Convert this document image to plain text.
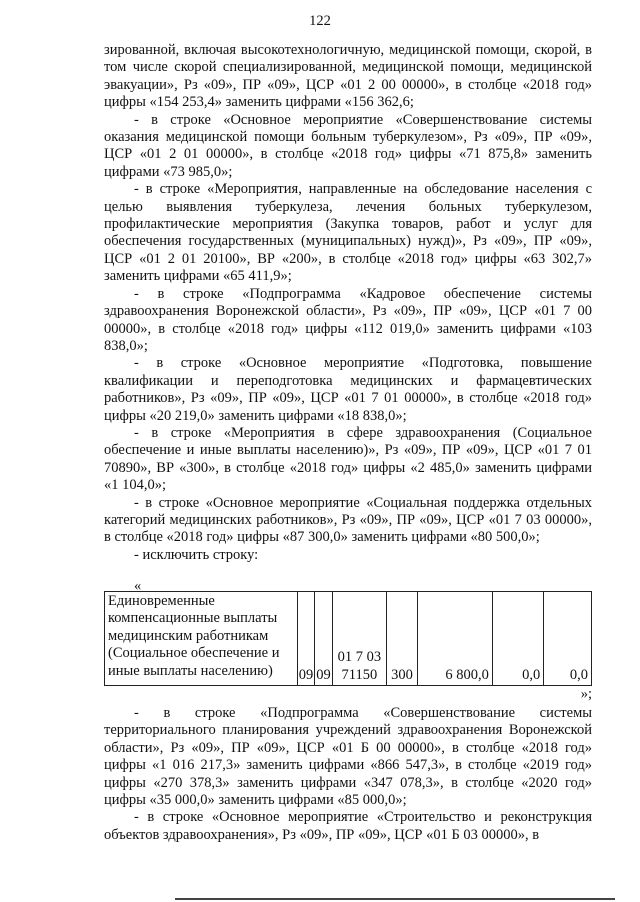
122

зированной, включая высокотехнологичную, медицинской помощи, скорой, в том числе скорой специализированной, медицинской помощи, медицинской эвакуации», Рз «09», ПР «09», ЦСР «01 2 00 00000», в столбце «2018 год» цифры «154 253,4» заменить цифрами «156 362,6;

- в строке «Основное мероприятие «Совершенствование системы оказания медицинской помощи больным туберкулезом», Рз «09», ПР «09», ЦСР «01 2 01 00000», в столбце «2018 год» цифры «71 875,8» заменить цифрами «73 985,0»;

- в строке «Мероприятия, направленные на обследование населения с целью выявления туберкулеза, лечения больных туберкулезом, профилактические мероприятия (Закупка товаров, работ и услуг для обеспечения государственных (муниципальных) нужд)», Рз «09», ПР «09», ЦСР «01 2 01 20100», ВР «200», в столбце «2018 год» цифры «63 302,7» заменить цифрами «65 411,9»;

- в строке «Подпрограмма «Кадровое обеспечение системы здравоохранения Воронежской области», Рз «09», ПР «09», ЦСР «01 7 00 00000», в столбце «2018 год» цифры «112 019,0» заменить цифрами «103 838,0»;

- в строке «Основное мероприятие «Подготовка, повышение квалификации и переподготовка медицинских и фармацевтических работников», Рз «09», ПР «09», ЦСР «01 7 01 00000», в столбце «2018 год» цифры «20 219,0» заменить цифрами «18 838,0»;

- в строке «Мероприятия в сфере здравоохранения (Социальное обеспечение и иные выплаты населению)», Рз «09», ПР «09», ЦСР «01 7 01 70890», ВР «300», в столбце «2018 год» цифры «2 485,0» заменить цифрами «1 104,0»;

- в строке «Основное мероприятие «Социальная поддержка отдельных категорий медицинских работников», Рз «09», ПР «09», ЦСР «01 7 03 00000», в столбце «2018 год» цифры «87 300,0» заменить цифрами «80 500,0»;

- исключить строку:

«
Единовременные компенсационные выплаты медицинским работникам (Социальное обеспечение и иные выплаты населению)	09	09	01 7 03 71150	300	6 800,0	0,0	0,0
»;

- в строке «Подпрограмма «Совершенствование системы территориального планирования учреждений здравоохранения Воронежской области», Рз «09», ПР «09», ЦСР «01 Б 00 00000», в столбце «2018 год» цифры «1 016 217,3» заменить цифрами «866 547,3», в столбце «2019 год» цифры «270 378,3» заменить цифрами «347 078,3», в столбце «2020 год» цифры «35 000,0» заменить цифрами «85 000,0»;

- в строке «Основное мероприятие «Строительство и реконструкция объектов здравоохранения», Рз «09», ПР «09», ЦСР «01 Б 03 00000», в
